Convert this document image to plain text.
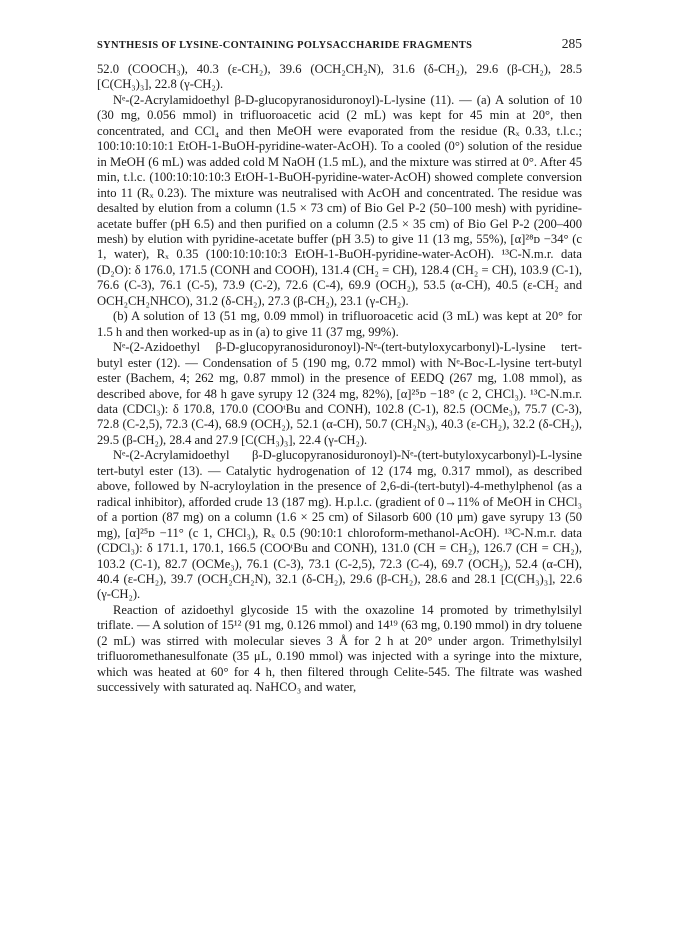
SYNTHESIS OF LYSINE-CONTAINING POLYSACCHARIDE FRAGMENTS	285

52.0 (COOCH₃), 40.3 (ε-CH₂), 39.6 (OCH₂CH₂N), 31.6 (δ-CH₂), 29.6 (β-CH₂), 28.5 [C(CH₃)₃], 22.8 (γ-CH₂).

Nᵉ-(2-Acrylamidoethyl β-D-glucopyranosiduronoyl)-L-lysine (11). — (a) A solution of 10 (30 mg, 0.056 mmol) in trifluoroacetic acid (2 mL) was kept for 45 min at 20°, then concentrated, and CCl₄ and then MeOH were evaporated from the residue (Rₓ 0.33, t.l.c.; 100:10:10:10:1 EtOH-1-BuOH-pyridine-water-AcOH). To a cooled (0°) solution of the residue in MeOH (6 mL) was added cold M NaOH (1.5 mL), and the mixture was stirred at 0°. After 45 min, t.l.c. (100:10:10:10:3 EtOH-1-BuOH-pyridine-water-AcOH) showed complete conversion into 11 (Rₓ 0.23). The mixture was neutralised with AcOH and concentrated. The residue was desalted by elution from a column (1.5 × 73 cm) of Bio Gel P-2 (50–100 mesh) with pyridine-acetate buffer (pH 6.5) and then purified on a column (2.5 × 35 cm) of Bio Gel P-2 (200–400 mesh) by elution with pyridine-acetate buffer (pH 3.5) to give 11 (13 mg, 55%), [α]²⁸ᴅ −34° (c 1, water), Rₓ 0.35 (100:10:10:10:3 EtOH-1-BuOH-pyridine-water-AcOH). ¹³C-N.m.r. data (D₂O): δ 176.0, 171.5 (CONH and COOH), 131.4 (CH₂ = CH), 128.4 (CH₂ = CH), 103.9 (C-1), 76.6 (C-3), 76.1 (C-5), 73.9 (C-2), 72.6 (C-4), 69.9 (OCH₂), 53.5 (α-CH), 40.5 (ε-CH₂ and OCH₂CH₂NHCO), 31.2 (δ-CH₂), 27.3 (β-CH₂), 23.1 (γ-CH₂).

(b) A solution of 13 (51 mg, 0.09 mmol) in trifluoroacetic acid (3 mL) was kept at 20° for 1.5 h and then worked-up as in (a) to give 11 (37 mg, 99%).

Nᵉ-(2-Azidoethyl β-D-glucopyranosiduronoyl)-Nᵉ-(tert-butyloxycarbonyl)-L-lysine tert-butyl ester (12). — Condensation of 5 (190 mg, 0.72 mmol) with Nᵉ-Boc-L-lysine tert-butyl ester (Bachem, 4; 262 mg, 0.87 mmol) in the presence of EEDQ (267 mg, 1.08 mmol), as described above, for 48 h gave syrupy 12 (324 mg, 82%), [α]²⁵ᴅ −18° (c 2, CHCl₃). ¹³C-N.m.r. data (CDCl₃): δ 170.8, 170.0 (COOᵗBu and CONH), 102.8 (C-1), 82.5 (OCMe₃), 75.7 (C-3), 72.8 (C-2,5), 72.3 (C-4), 68.9 (OCH₂), 52.1 (α-CH), 50.7 (CH₂N₃), 40.3 (ε-CH₂), 32.2 (δ-CH₂), 29.5 (β-CH₂), 28.4 and 27.9 [C(CH₃)₃], 22.4 (γ-CH₂).

Nᵉ-(2-Acrylamidoethyl β-D-glucopyranosiduronoyl)-Nᵉ-(tert-butyloxycarbonyl)-L-lysine tert-butyl ester (13). — Catalytic hydrogenation of 12 (174 mg, 0.317 mmol), as described above, followed by N-acryloylation in the presence of 2,6-di-(tert-butyl)-4-methylphenol (as a radical inhibitor), afforded crude 13 (187 mg). H.p.l.c. (gradient of 0→11% of MeOH in CHCl₃ of a portion (87 mg) on a column (1.6 × 25 cm) of Silasorb 600 (10 μm) gave syrupy 13 (50 mg), [α]²⁵ᴅ −11° (c 1, CHCl₃), Rₓ 0.5 (90:10:1 chloroform-methanol-AcOH). ¹³C-N.m.r. data (CDCl₃): δ 171.1, 170.1, 166.5 (COOᵗBu and CONH), 131.0 (CH = CH₂), 126.7 (CH = CH₂), 103.2 (C-1), 82.7 (OCMe₃), 76.1 (C-3), 73.1 (C-2,5), 72.3 (C-4), 69.7 (OCH₂), 52.4 (α-CH), 40.4 (ε-CH₂), 39.7 (OCH₂CH₂N), 32.1 (δ-CH₂), 29.6 (β-CH₂), 28.6 and 28.1 [C(CH₃)₃], 22.6 (γ-CH₂).

Reaction of azidoethyl glycoside 15 with the oxazoline 14 promoted by trimethylsilyl triflate. — A solution of 15¹² (91 mg, 0.126 mmol) and 14¹⁹ (63 mg, 0.190 mmol) in dry toluene (2 mL) was stirred with molecular sieves 3 Å for 2 h at 20° under argon. Trimethylsilyl trifluoromethanesulfonate (35 μL, 0.190 mmol) was injected with a syringe into the mixture, which was heated at 60° for 4 h, then filtered through Celite-545. The filtrate was washed successively with saturated aq. NaHCO₃ and water,
